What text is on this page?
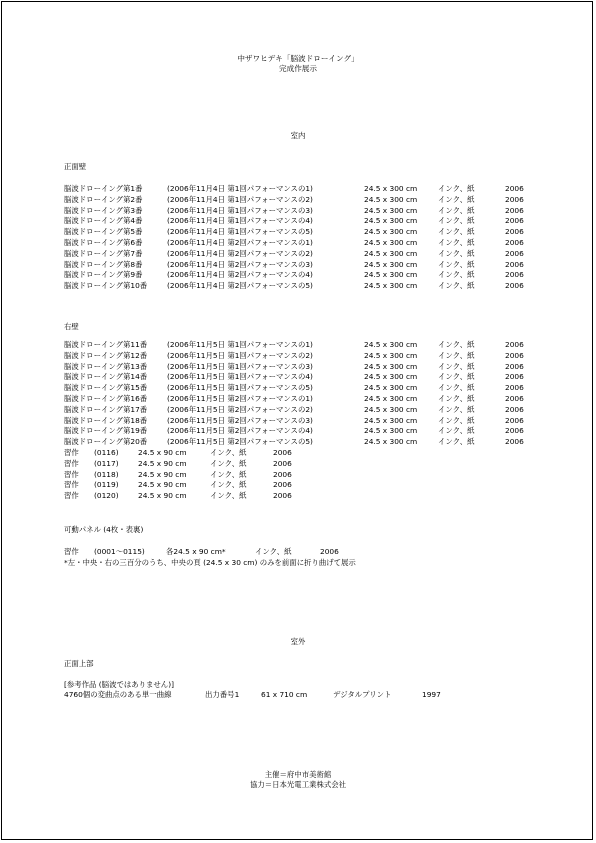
中ザワヒデキ「脳波ドローイング」
完成作展示
室内
正面壁
脳波ドローイング第1番	(2006年11月4日 第1回パフォーマンスの1)	24.5 x 300 cm	インク、紙	2006
脳波ドローイング第2番	(2006年11月4日 第1回パフォーマンスの2)	24.5 x 300 cm	インク、紙	2006
脳波ドローイング第3番	(2006年11月4日 第1回パフォーマンスの3)	24.5 x 300 cm	インク、紙	2006
脳波ドローイング第4番	(2006年11月4日 第1回パフォーマンスの4)	24.5 x 300 cm	インク、紙	2006
脳波ドローイング第5番	(2006年11月4日 第1回パフォーマンスの5)	24.5 x 300 cm	インク、紙	2006
脳波ドローイング第6番	(2006年11月4日 第2回パフォーマンスの1)	24.5 x 300 cm	インク、紙	2006
脳波ドローイング第7番	(2006年11月4日 第2回パフォーマンスの2)	24.5 x 300 cm	インク、紙	2006
脳波ドローイング第8番	(2006年11月4日 第2回パフォーマンスの3)	24.5 x 300 cm	インク、紙	2006
脳波ドローイング第9番	(2006年11月4日 第2回パフォーマンスの4)	24.5 x 300 cm	インク、紙	2006
脳波ドローイング第10番	(2006年11月4日 第2回パフォーマンスの5)	24.5 x 300 cm	インク、紙	2006
右壁
脳波ドローイング第11番	(2006年11月5日 第1回パフォーマンスの1)	24.5 x 300 cm	インク、紙	2006
脳波ドローイング第12番	(2006年11月5日 第1回パフォーマンスの2)	24.5 x 300 cm	インク、紙	2006
脳波ドローイング第13番	(2006年11月5日 第1回パフォーマンスの3)	24.5 x 300 cm	インク、紙	2006
脳波ドローイング第14番	(2006年11月5日 第1回パフォーマンスの4)	24.5 x 300 cm	インク、紙	2006
脳波ドローイング第15番	(2006年11月5日 第1回パフォーマンスの5)	24.5 x 300 cm	インク、紙	2006
脳波ドローイング第16番	(2006年11月5日 第2回パフォーマンスの1)	24.5 x 300 cm	インク、紙	2006
脳波ドローイング第17番	(2006年11月5日 第2回パフォーマンスの2)	24.5 x 300 cm	インク、紙	2006
脳波ドローイング第18番	(2006年11月5日 第2回パフォーマンスの3)	24.5 x 300 cm	インク、紙	2006
脳波ドローイング第19番	(2006年11月5日 第2回パフォーマンスの4)	24.5 x 300 cm	インク、紙	2006
脳波ドローイング第20番	(2006年11月5日 第2回パフォーマンスの5)	24.5 x 300 cm	インク、紙	2006
習作 (0116)	24.5 x 90 cm	インク、紙	2006
習作 (0117)	24.5 x 90 cm	インク、紙	2006
習作 (0118)	24.5 x 90 cm	インク、紙	2006
習作 (0119)	24.5 x 90 cm	インク、紙	2006
習作 (0120)	24.5 x 90 cm	インク、紙	2006
可動パネル (4枚・表裏)
習作 (0001～0115)	各24.5 x 90 cm*	インク、紙	2006
*左・中央・右の三百分のうち、中央の頁 (24.5 x 30 cm) のみを前面に折り曲げて展示
室外
正面上部
[参考作品 (脳波ではありません)]
4760個の変曲点のある単一曲線	出力番号1	61 x 710 cm	デジタルプリント	1997
主催＝府中市美術館
協力＝日本光電工業株式会社
